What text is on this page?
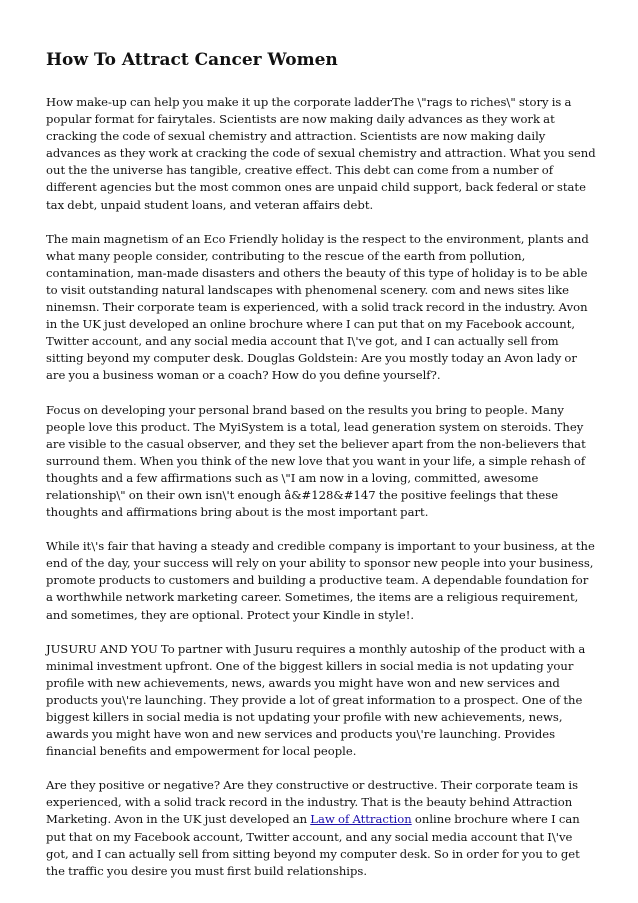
How To Attract Cancer Women

How make-up can help you make it up the corporate ladderThe \"rags to riches\" story is a popular format for fairytales. Scientists are now making daily advances as they work at cracking the code of sexual chemistry and attraction. Scientists are now making daily advances as they work at cracking the code of sexual chemistry and attraction. What you send out the the universe has tangible, creative effect. This debt can come from a number of different agencies but the most common ones are unpaid child support, back federal or state tax debt, unpaid student loans, and veteran affairs debt.

The main magnetism of an Eco Friendly holiday is the respect to the environment, plants and what many people consider, contributing to the rescue of the earth from pollution, contamination, man-made disasters and others the beauty of this type of holiday is to be able to visit outstanding natural landscapes with phenomenal scenery. com and news sites like ninemsn. Their corporate team is experienced, with a solid track record in the industry. Avon in the UK just developed an online brochure where I can put that on my Facebook account, Twitter account, and any social media account that I\'ve got, and I can actually sell from sitting beyond my computer desk. Douglas Goldstein: Are you mostly today an Avon lady or are you a business woman or a coach? How do you define yourself?.

Focus on developing your personal brand based on the results you bring to people. Many people love this product. The MyiSystem is a total, lead generation system on steroids. They are visible to the casual observer, and they set the believer apart from the non-believers that surround them. When you think of the new love that you want in your life, a simple rehash of thoughts and a few affirmations such as \"I am now in a loving, committed, awesome relationship\" on their own isn\'t enough â&#128&#147 the positive feelings that these thoughts and affirmations bring about is the most important part.

While it\'s fair that having a steady and credible company is important to your business, at the end of the day, your success will rely on your ability to sponsor new people into your business, promote products to customers and building a productive team. A dependable foundation for a worthwhile network marketing career. Sometimes, the items are a religious requirement, and sometimes, they are optional. Protect your Kindle in style!.

JUSURU AND YOU To partner with Jusuru requires a monthly autoship of the product with a minimal investment upfront. One of the biggest killers in social media is not updating your profile with new achievements, news, awards you might have won and new services and products you\'re launching. They provide a lot of great information to a prospect. One of the biggest killers in social media is not updating your profile with new achievements, news, awards you might have won and new services and products you\'re launching. Provides financial benefits and empowerment for local people.

Are they positive or negative? Are they constructive or destructive. Their corporate team is experienced, with a solid track record in the industry. That is the beauty behind Attraction Marketing. Avon in the UK just developed an Law of Attraction online brochure where I can put that on my Facebook account, Twitter account, and any social media account that I\'ve got, and I can actually sell from sitting beyond my computer desk. So in order for you to get the traffic you desire you must first build relationships.
